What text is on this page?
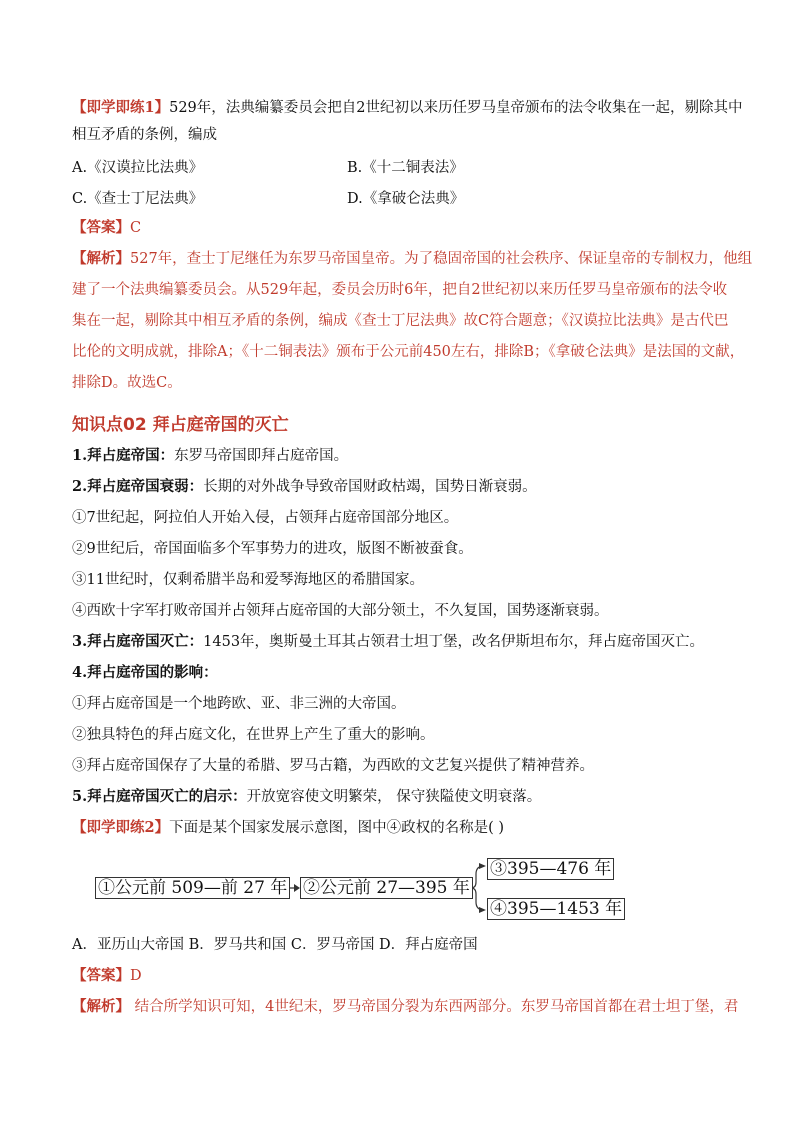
【即学即练1】529年，法典编纂委员会把自2世纪初以来历任罗马皇帝颁布的法令收集在一起，剔除其中
相互矛盾的条例，编成
A.《汉谟拉比法典》	B.《十二铜表法》
C.《查士丁尼法典》	D.《拿破仑法典》
【答案】C
【解析】527年，查士丁尼继任为东罗马帝国皇帝。为了稳固帝国的社会秩序、保证皇帝的专制权力，他组
建了一个法典编纂委员会。从529年起，委员会历时6年，把自2世纪初以来历任罗马皇帝颁布的法令收
集在一起，剔除其中相互矛盾的条例，编成《查士丁尼法典》故C符合题意；《汉谟拉比法典》是古代巴
比伦的文明成就，排除A；《十二铜表法》颁布于公元前450左右，排除B；《拿破仑法典》是法国的文献，
排除D。故选C。
知识点02 拜占庭帝国的灭亡
1.拜占庭帝国：东罗马帝国即拜占庭帝国。
2.拜占庭帝国衰弱：长期的对外战争导致帝国财政枯竭，国势日渐衰弱。
①7世纪起，阿拉伯人开始入侵，占领拜占庭帝国部分地区。
②9世纪后，帝国面临多个军事势力的进攻，版图不断被蚕食。
③11世纪时，仅剩希腊半岛和爱琴海地区的希腊国家。
④西欧十字军打败帝国并占领拜占庭帝国的大部分领土，不久复国，国势逐渐衰弱。
3.拜占庭帝国灭亡：1453年，奥斯曼土耳其占领君士坦丁堡，改名伊斯坦布尔，拜占庭帝国灭亡。
4.拜占庭帝国的影响：
①拜占庭帝国是一个地跨欧、亚、非三洲的大帝国。
②独具特色的拜占庭文化，在世界上产生了重大的影响。
③拜占庭帝国保存了大量的希腊、罗马古籍，为西欧的文艺复兴提供了精神营养。
5.拜占庭帝国灭亡的启示：开放宽容使文明繁荣， 保守狭隘使文明衰落。
【即学即练2】下面是某个国家发展示意图，图中④政权的名称是( )
①公元前 509—前 27 年 ②公元前 27—395 年
③395—476 年
④395—1453 年
A．亚历山大帝国 B．罗马共和国 C．罗马帝国 D．拜占庭帝国
【答案】D
【解析】 结合所学知识可知，4世纪末，罗马帝国分裂为东西两部分。东罗马帝国首都在君士坦丁堡，君
